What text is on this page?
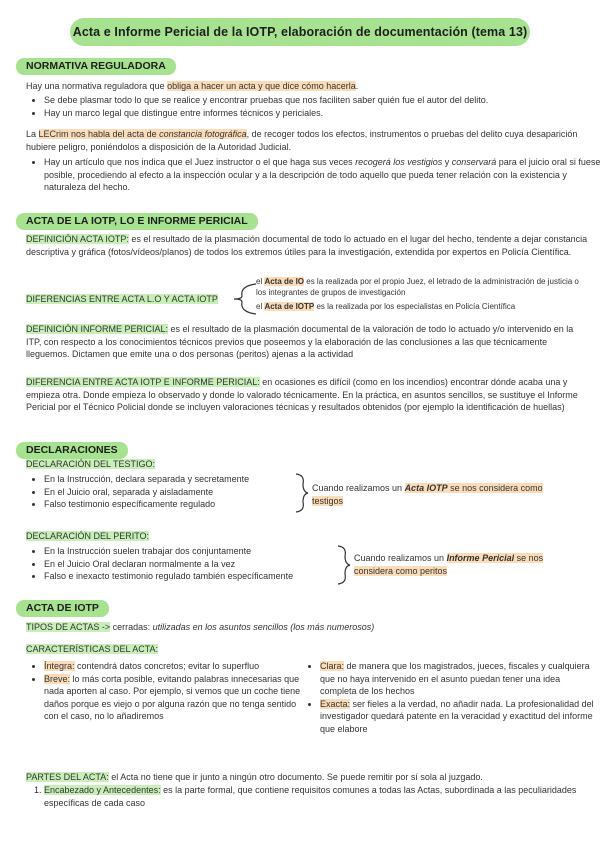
Acta e Informe Pericial de la IOTP, elaboración de documentación (tema 13)
NORMATIVA REGULADORA
Hay una normativa reguladora que obliga a hacer un acta y que dice cómo hacerla.
• Se debe plasmar todo lo que se realice y encontrar pruebas que nos faciliten saber quién fue el autor del delito.
• Hay un marco legal que distingue entre informes técnicos y periciales.
La LECrim nos habla del acta de constancia fotográfica, de recoger todos los efectos, instrumentos o pruebas del delito cuya desaparición hubiere peligro, poniéndolos a disposición de la Autoridad Judicial.
• Hay un artículo que nos indica que el Juez instructor o el que haga sus veces recogerá los vestigios y conservará para el juicio oral si fuese posible, procediendo al efecto a la inspección ocular y a la descripción de todo aquello que pueda tener relación con la existencia y naturaleza del hecho.
ACTA DE LA IOTP, LO E INFORME PERICIAL
DEFINICIÓN ACTA IOTP: es el resultado de la plasmación documental de todo lo actuado en el lugar del hecho, tendente a dejar constancia descriptiva y gráfica (fotos/vídeos/planos) de todos los extremos útiles para la investigación, extendida por expertos en Policía Científica.
DIFERENCIAS ENTRE ACTA L.O Y ACTA IOTP
el Acta de IO es la realizada por el propio Juez, el letrado de la administración de justicia o los integrantes de grupos de investigación
el Acta de IOTP es la realizada por los especialistas en Policía Científica
DEFINICIÓN INFORME PERICIAL: es el resultado de la plasmación documental de la valoración de todo lo actuado y/o intervenido en la ITP, con respecto a los conocimientos técnicos previos que poseemos y la elaboración de las conclusiones a las que técnicamente lleguemos. Dictamen que emite una o dos personas (peritos) ajenas a la actividad
DIFERENCIA ENTRE ACTA IOTP E INFORME PERICIAL: en ocasiones es difícil (como en los incendios) encontrar dónde acaba una y empieza otra. Donde empieza lo observado y donde lo valorado técnicamente. En la práctica, en asuntos sencillos, se sustituye el Informe Pericial por el Técnico Policial donde se incluyen valoraciones técnicas y resultados obtenidos (por ejemplo la identificación de huellas)
DECLARACIONES
DECLARACIÓN DEL TESTIGO:
• En la Instrucción, declara separada y secretamente
• En el Juicio oral, separada y aisladamente
• Falso testimonio específicamente regulado
Cuando realizamos un Acta IOTP se nos considera como testigos
DECLARACIÓN DEL PERITO:
• En la Instrucción suelen trabajar dos conjuntamente
• En el Juicio Oral declaran normalmente a la vez
• Falso e inexacto testimonio regulado también específicamente
Cuando realizamos un Informe Pericial se nos considera como peritos
ACTA DE IOTP
TIPOS DE ACTAS -> cerradas: utilizadas en los asuntos sencillos (los más numerosos)
CARACTERÍSTICAS DEL ACTA:
• Íntegra: contendrá datos concretos; evitar lo superfluo
• Breve: lo más corta posible, evitando palabras innecesarias que nada aporten al caso. Por ejemplo, si vemos que un coche tiene daños porque es viejo o por alguna razón que no tenga sentido con el caso, no lo añadiremos
• Clara: de manera que los magistrados, jueces, fiscales y cualquiera que no haya intervenido en el asunto puedan tener una idea completa de los hechos
• Exacta: ser fieles a la verdad, no añadir nada. La profesionalidad del investigador quedará patente en la veracidad y exactitud del informe que elabore
PARTES DEL ACTA: el Acta no tiene que ir junto a ningún otro documento. Se puede remitir por sí sola al juzgado.
1. Encabezado y Antecedentes: es la parte formal, que contiene requisitos comunes a todas las Actas, subordinada a las peculiaridades específicas de cada caso
